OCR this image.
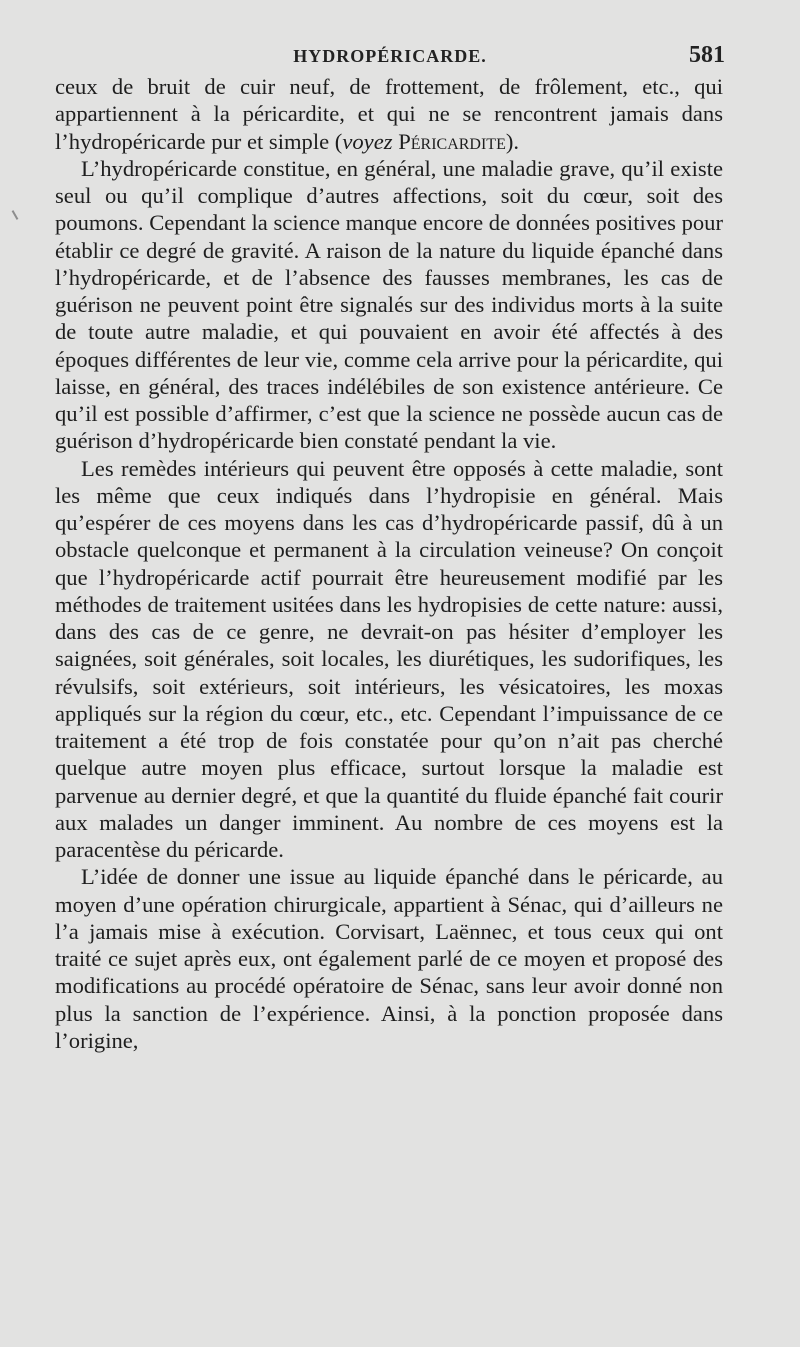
HYDROPÉRICARDE.	581

ceux de bruit de cuir neuf, de frottement, de frôlement, etc., qui appartiennent à la péricardite, et qui ne se rencontrent jamais dans l’hydropéricarde pur et simple (voyez Péricardite).

L’hydropéricarde constitue, en général, une maladie grave, qu’il existe seul ou qu’il complique d’autres affections, soit du cœur, soit des poumons. Cependant la science manque encore de données positives pour établir ce degré de gravité. A raison de la nature du liquide épanché dans l’hydropéricarde, et de l’absence des fausses membranes, les cas de guérison ne peuvent point être signalés sur des individus morts à la suite de toute autre maladie, et qui pouvaient en avoir été affectés à des époques différentes de leur vie, comme cela arrive pour la péricardite, qui laisse, en général, des traces indélébiles de son existence antérieure. Ce qu’il est possible d’affirmer, c’est que la science ne possède aucun cas de guérison d’hydropéricarde bien constaté pendant la vie.

Les remèdes intérieurs qui peuvent être opposés à cette maladie, sont les même que ceux indiqués dans l’hydropisie en général. Mais qu’espérer de ces moyens dans les cas d’hydropéricarde passif, dû à un obstacle quelconque et permanent à la circulation veineuse? On conçoit que l’hydropéricarde actif pourrait être heureusement modifié par les méthodes de traitement usitées dans les hydropisies de cette nature: aussi, dans des cas de ce genre, ne devrait-on pas hésiter d’employer les saignées, soit générales, soit locales, les diurétiques, les sudorifiques, les révulsifs, soit extérieurs, soit intérieurs, les vésicatoires, les moxas appliqués sur la région du cœur, etc., etc. Cependant l’impuissance de ce traitement a été trop de fois constatée pour qu’on n’ait pas cherché quelque autre moyen plus efficace, surtout lorsque la maladie est parvenue au dernier degré, et que la quantité du fluide épanché fait courir aux malades un danger imminent. Au nombre de ces moyens est la paracentèse du péricarde.

L’idée de donner une issue au liquide épanché dans le péricarde, au moyen d’une opération chirurgicale, appartient à Sénac, qui d’ailleurs ne l’a jamais mise à exécution. Corvisart, Laënnec, et tous ceux qui ont traité ce sujet après eux, ont également parlé de ce moyen et proposé des modifications au procédé opératoire de Sénac, sans leur avoir donné non plus la sanction de l’expérience. Ainsi, à la ponction proposée dans l’origine,
